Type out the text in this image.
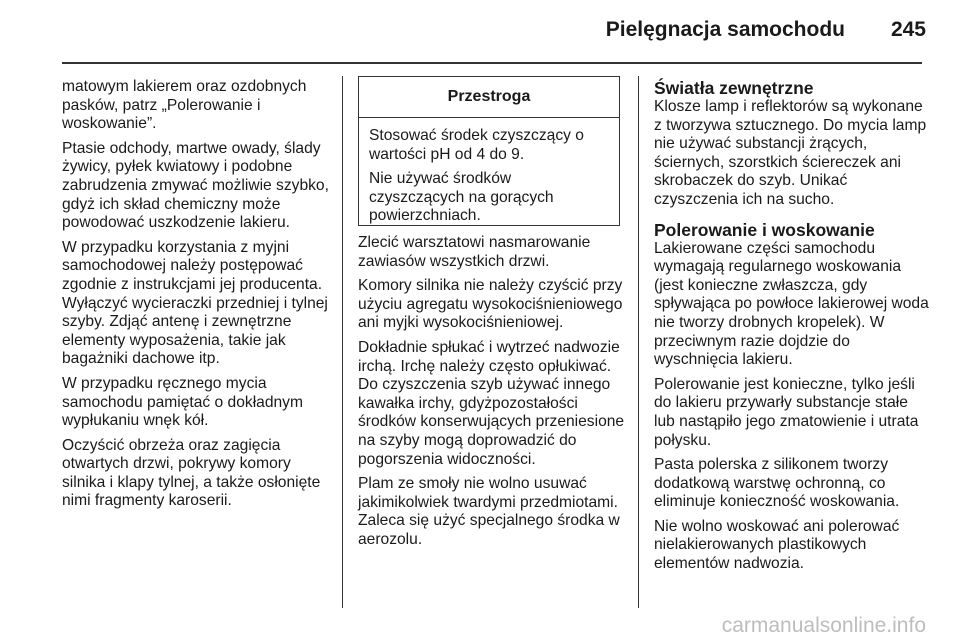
Pielęgnacja samochodu	245

matowym lakierem oraz ozdobnych pasków, patrz „Polerowanie i woskowanie”.

Ptasie odchody, martwe owady, ślady żywicy, pyłek kwiatowy i podobne zabrudzenia zmywać możliwie szybko, gdyż ich skład chemiczny może powodować uszkodzenie lakieru.

W przypadku korzystania z myjni samochodowej należy postępować zgodnie z instrukcjami jej producenta. Wyłączyć wycieraczki przedniej i tylnej szyby. Zdjąć antenę i zewnętrzne elementy wyposażenia, takie jak bagażniki dachowe itp.

W przypadku ręcznego mycia samochodu pamiętać o dokładnym wypłukaniu wnęk kół.

Oczyścić obrzeża oraz zagięcia otwartych drzwi, pokrywy komory silnika i klapy tylnej, a także osłonięte nimi fragmenty karoserii.

Przestroga

Stosować środek czyszczący o wartości pH od 4 do 9.

Nie używać środków czyszczących na gorących powierzchniach.

Zlecić warsztatowi nasmarowanie zawiasów wszystkich drzwi.

Komory silnika nie należy czyścić przy użyciu agregatu wysokociśnieniowego ani myjki wysokociśnieniowej.

Dokładnie spłukać i wytrzeć nadwozie irchą. Irchę należy często opłukiwać. Do czyszczenia szyb używać innego kawałka irchy, gdyżpozostałości środków konserwujących przeniesione na szyby mogą doprowadzić do pogorszenia widoczności.

Plam ze smoły nie wolno usuwać jakimikolwiek twardymi przedmiotami. Zaleca się użyć specjalnego środka w aerozolu.

Światła zewnętrzne

Klosze lamp i reflektorów są wykonane z tworzywa sztucznego. Do mycia lamp nie używać substancji żrących, ściernych, szorstkich ściereczek ani skrobaczek do szyb. Unikać czyszczenia ich na sucho.

Polerowanie i woskowanie

Lakierowane części samochodu wymagają regularnego woskowania (jest konieczne zwłaszcza, gdy spływająca po powłoce lakierowej woda nie tworzy drobnych kropelek). W przeciwnym razie dojdzie do wyschnięcia lakieru.

Polerowanie jest konieczne, tylko jeśli do lakieru przywarły substancje stałe lub nastąpiło jego zmatowienie i utrata połysku.

Pasta polerska z silikonem tworzy dodatkową warstwę ochronną, co eliminuje konieczność woskowania.

Nie wolno woskować ani polerować nielakierowanych plastikowych elementów nadwozia.

carmanualsonline.info
